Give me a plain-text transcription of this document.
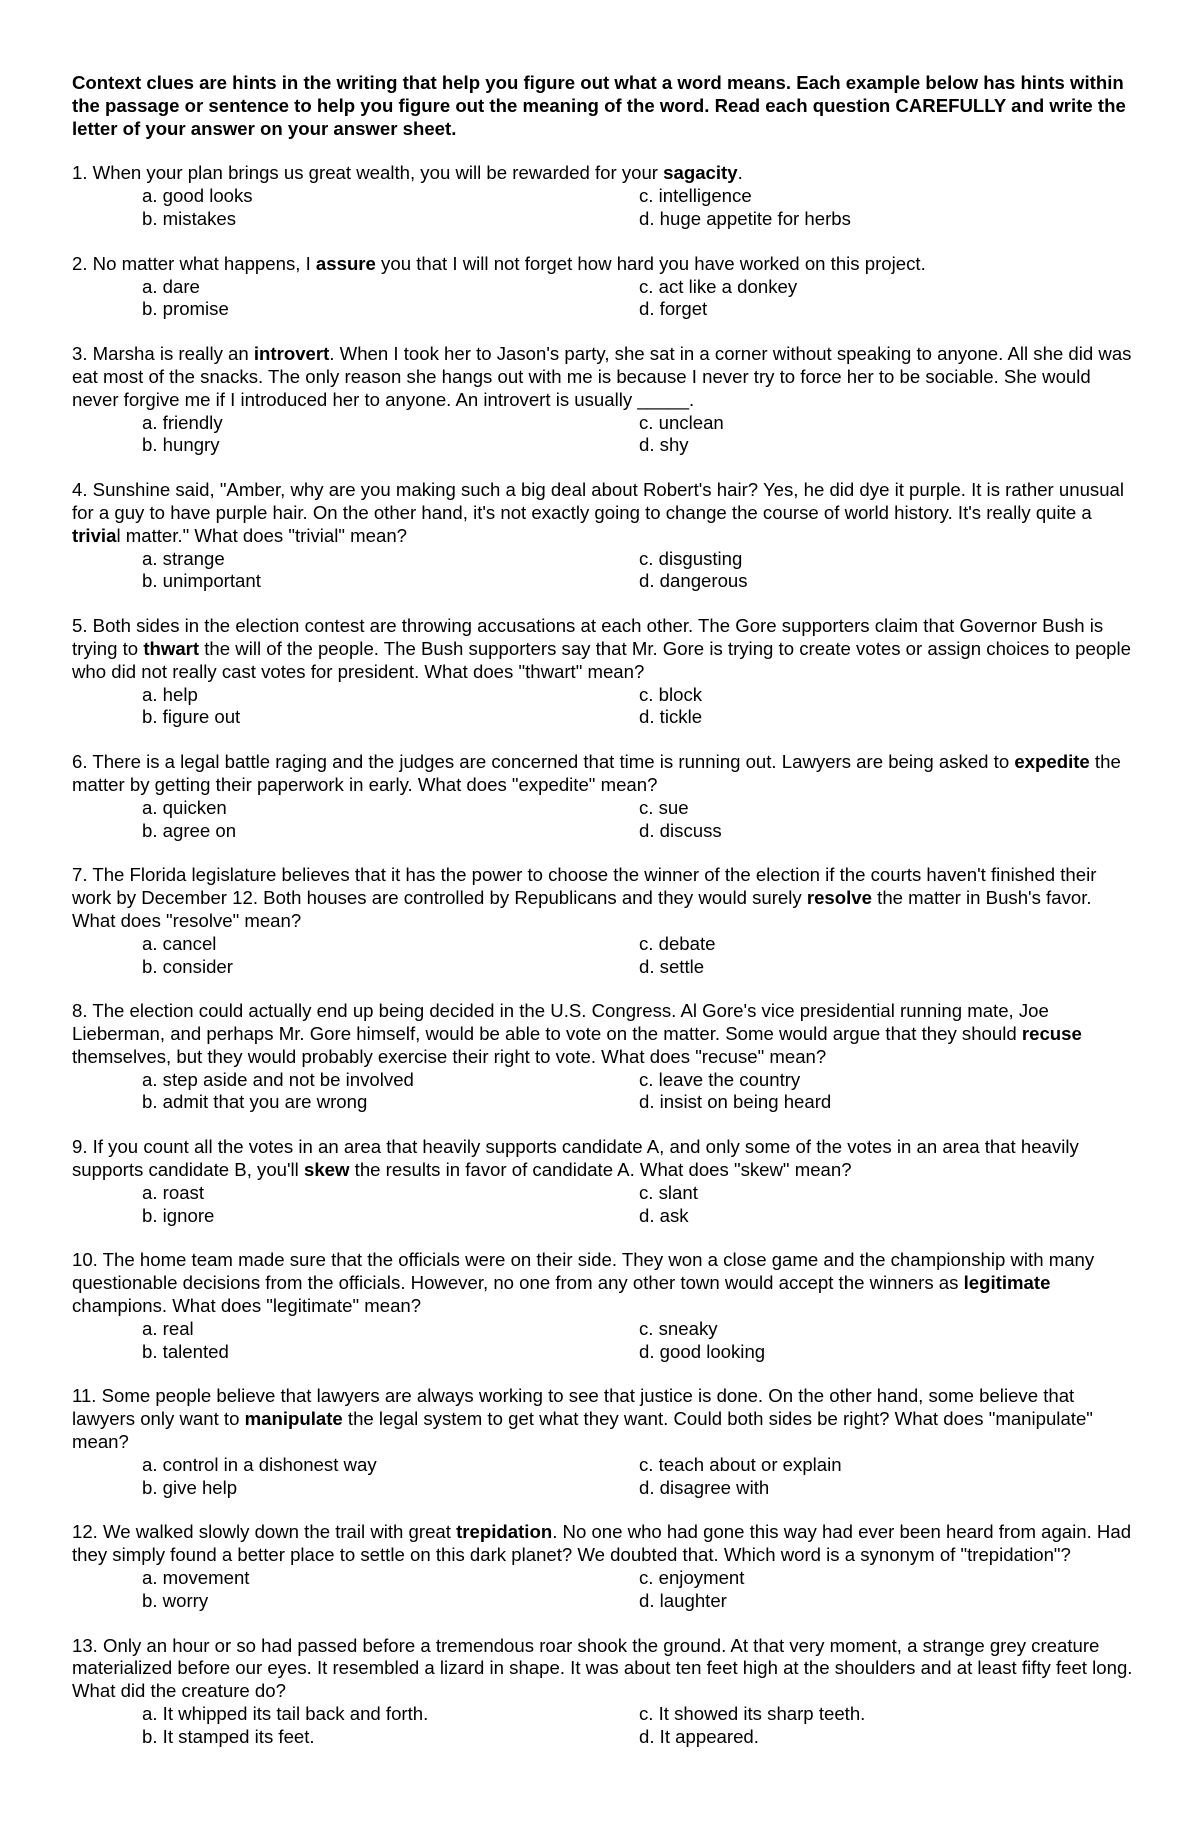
Context clues are hints in the writing that help you figure out what a word means. Each example below has hints within the passage or sentence to help you figure out the meaning of the word. Read each question CAREFULLY and write the letter of your answer on your answer sheet.

1. When your plan brings us great wealth, you will be rewarded for your sagacity.

a. good looks	c. intelligence
b. mistakes	d. huge appetite for herbs

2. No matter what happens, I assure you that I will not forget how hard you have worked on this project.

a. dare	c. act like a donkey
b. promise	d. forget

3. Marsha is really an introvert. When I took her to Jason's party, she sat in a corner without speaking to anyone. All she did was eat most of the snacks. The only reason she hangs out with me is because I never try to force her to be sociable. She would never forgive me if I introduced her to anyone. An introvert is usually _____.

a. friendly	c. unclean
b. hungry	d. shy

4. Sunshine said, "Amber, why are you making such a big deal about Robert's hair? Yes, he did dye it purple. It is rather unusual for a guy to have purple hair. On the other hand, it's not exactly going to change the course of world history. It's really quite a trivial matter." What does "trivial" mean?

a. strange	c. disgusting
b. unimportant	d. dangerous

5. Both sides in the election contest are throwing accusations at each other. The Gore supporters claim that Governor Bush is trying to thwart the will of the people. The Bush supporters say that Mr. Gore is trying to create votes or assign choices to people who did not really cast votes for president. What does "thwart" mean?

a. help	c. block
b. figure out	d. tickle

6. There is a legal battle raging and the judges are concerned that time is running out. Lawyers are being asked to expedite the matter by getting their paperwork in early. What does "expedite" mean?

a. quicken	c. sue
b. agree on	d. discuss

7. The Florida legislature believes that it has the power to choose the winner of the election if the courts haven't finished their work by December 12. Both houses are controlled by Republicans and they would surely resolve the matter in Bush's favor. What does "resolve" mean?

a. cancel	c. debate
b. consider	d. settle

8. The election could actually end up being decided in the U.S. Congress. Al Gore's vice presidential running mate, Joe Lieberman, and perhaps Mr. Gore himself, would be able to vote on the matter. Some would argue that they should recuse themselves, but they would probably exercise their right to vote. What does "recuse" mean?

a. step aside and not be involved	c. leave the country
b. admit that you are wrong	d. insist on being heard

9. If you count all the votes in an area that heavily supports candidate A, and only some of the votes in an area that heavily supports candidate B, you'll skew the results in favor of candidate A. What does "skew" mean?

a. roast	c. slant
b. ignore	d. ask

10. The home team made sure that the officials were on their side. They won a close game and the championship with many questionable decisions from the officials. However, no one from any other town would accept the winners as legitimate champions. What does "legitimate" mean?

a. real	c. sneaky
b. talented	d. good looking

11. Some people believe that lawyers are always working to see that justice is done. On the other hand, some believe that lawyers only want to manipulate the legal system to get what they want. Could both sides be right? What does "manipulate" mean?

a. control in a dishonest way	c. teach about or explain
b. give help	d. disagree with

12. We walked slowly down the trail with great trepidation. No one who had gone this way had ever been heard from again. Had they simply found a better place to settle on this dark planet? We doubted that. Which word is a synonym of "trepidation"?

a. movement	c. enjoyment
b. worry	d. laughter

13. Only an hour or so had passed before a tremendous roar shook the ground. At that very moment, a strange grey creature materialized before our eyes. It resembled a lizard in shape. It was about ten feet high at the shoulders and at least fifty feet long. What did the creature do?

a. It whipped its tail back and forth.	c. It showed its sharp teeth.
b. It stamped its feet.	d. It appeared.
